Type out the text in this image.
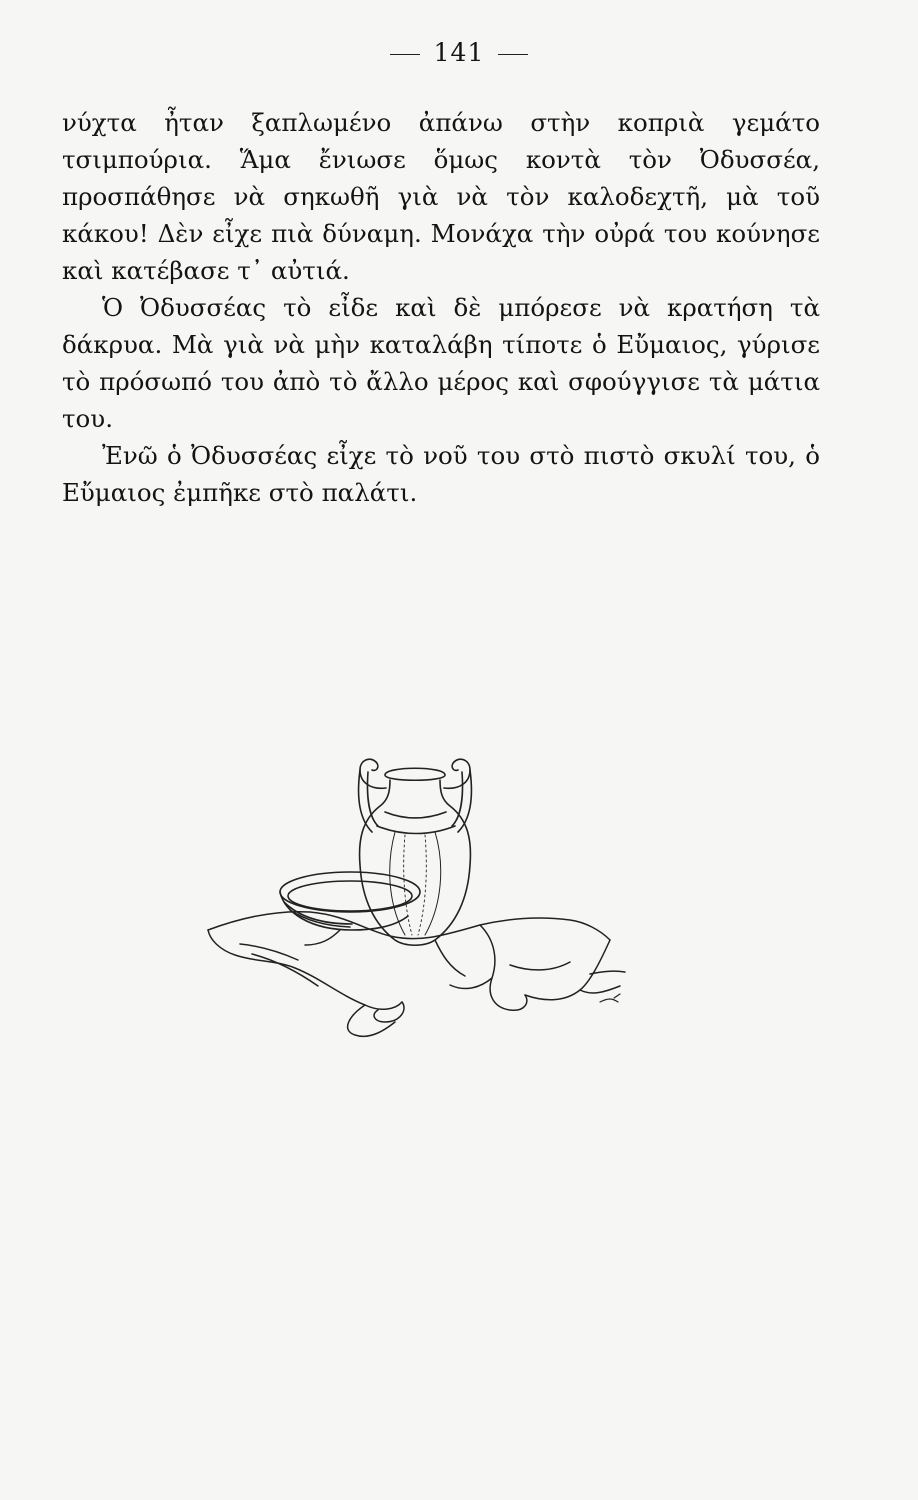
141

νύχτα ἦταν ξαπλωμένο ἀπάνω στὴν κοπριὰ γεμάτο τσιμπούρια. Ἅμα ἔνιωσε ὅμως κοντὰ τὸν Ὀδυσσέα, προσπάθησε νὰ σηκωθῆ γιὰ νὰ τὸν καλοδεχτῆ, μὰ τοῦ κάκου! Δὲν εἶχε πιὰ δύναμη. Μονάχα τὴν οὐρά του κούνησε καὶ κατέβασε τ᾽ αὐτιά.

Ὁ Ὀδυσσέας τὸ εἶδε καὶ δὲ μπόρεσε νὰ κρατήση τὰ δάκρυα. Μὰ γιὰ νὰ μὴν καταλάβη τίποτε ὁ Εὔμαιος, γύρισε τὸ πρόσωπό του ἀπὸ τὸ ἄλλο μέρος καὶ σφούγγισε τὰ μάτια του.

Ἐνῶ ὁ Ὀδυσσέας εἶχε τὸ νοῦ του στὸ πιστὸ σκυλί του, ὁ Εὔμαιος ἐμπῆκε στὸ παλάτι.
